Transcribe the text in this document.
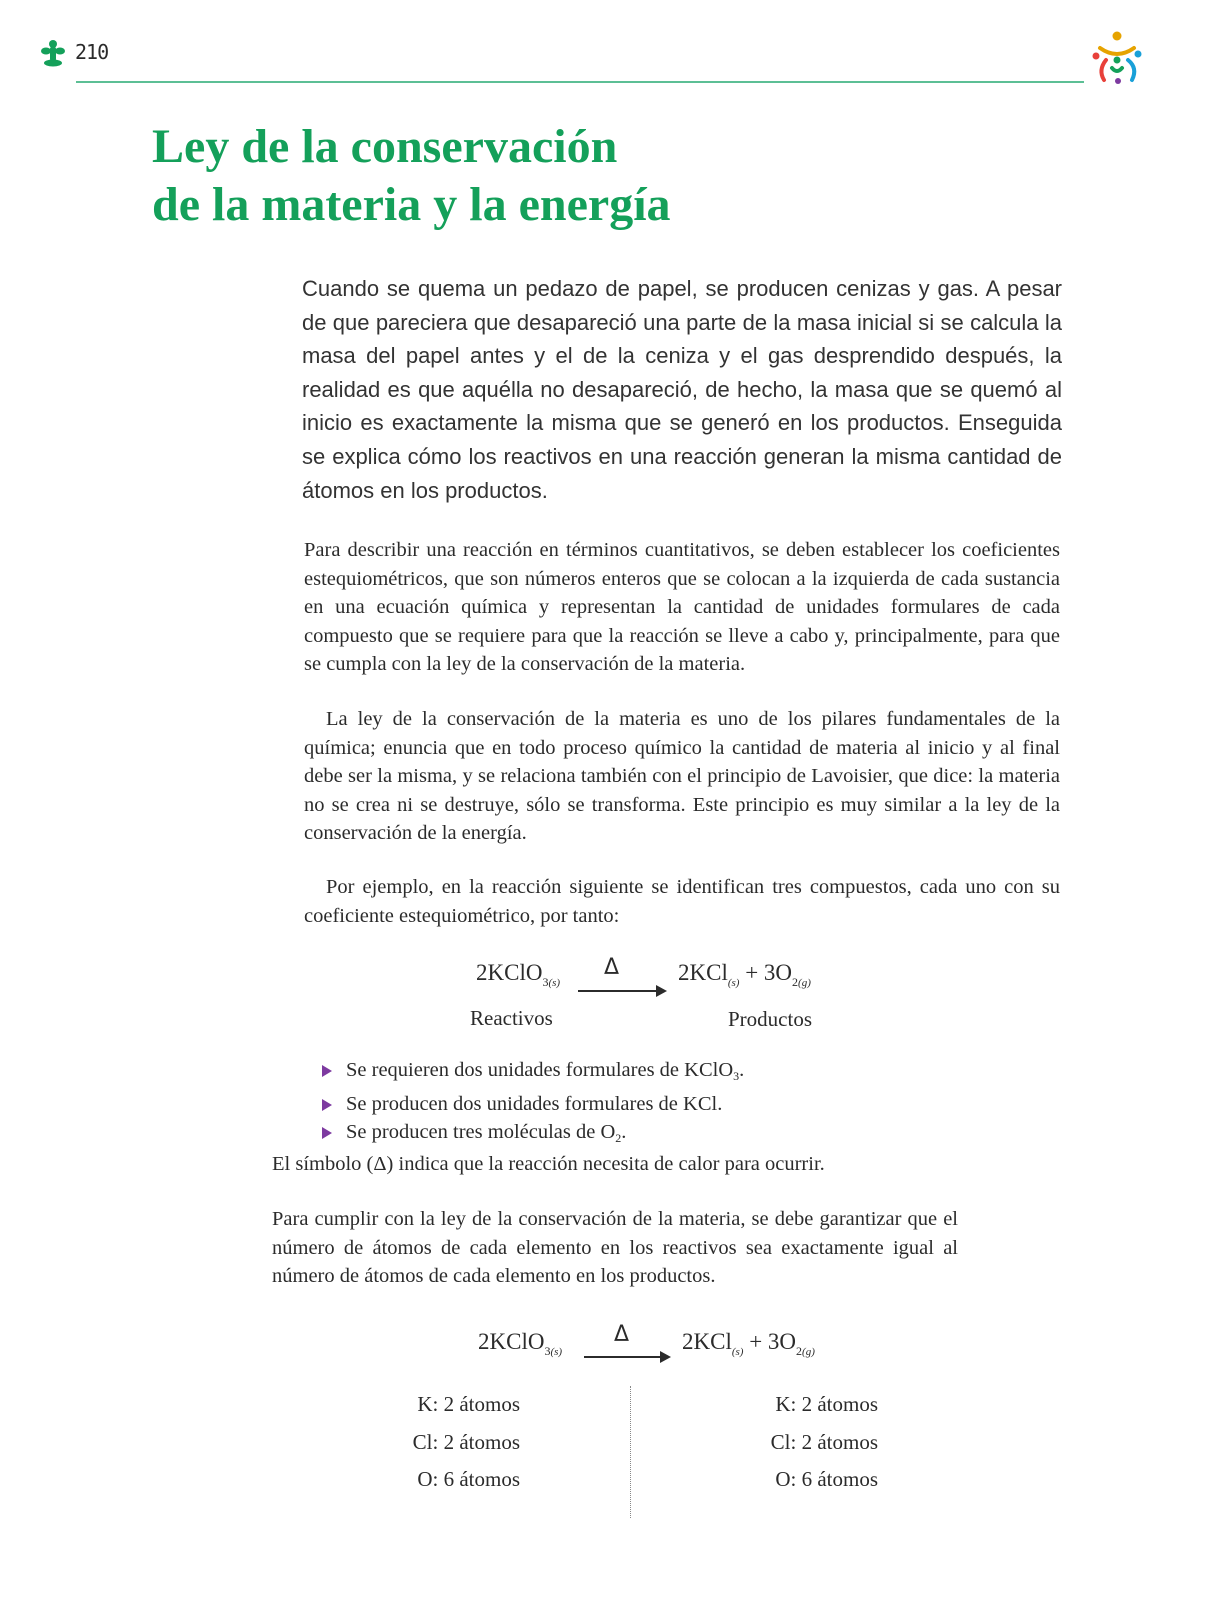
210
Ley de la conservación
de la materia y la energía

Cuando se quema un pedazo de papel, se producen cenizas y gas. A pesar de que pareciera que desapareció una parte de la masa inicial si se calcula la masa del papel antes y el de la ceniza y el gas desprendido después, la realidad es que aquélla no desapareció, de hecho, la masa que se quemó al inicio es exactamente la misma que se generó en los productos. Enseguida se explica cómo los reactivos en una reacción generan la misma cantidad de átomos en los productos.

Para describir una reacción en términos cuantitativos, se deben establecer los coeficientes estequiométricos, que son números enteros que se colocan a la izquierda de cada sustancia en una ecuación química y representan la cantidad de unidades formulares de cada compuesto que se requiere para que la reacción se lleve a cabo y, principalmente, para que se cumpla con la ley de la conservación de la materia.

La ley de la conservación de la materia es uno de los pilares fundamentales de la química; enuncia que en todo proceso químico la cantidad de materia al inicio y al final debe ser la misma, y se relaciona también con el principio de Lavoisier, que dice: la materia no se crea ni se destruye, sólo se transforma. Este principio es muy similar a la ley de la conservación de la energía.

Por ejemplo, en la reacción siguiente se identifican tres compuestos, cada uno con su coeficiente estequiométrico, por tanto:

2KClO$_{3(s)}$
Δ	$2KCl_{(s)} + 3O_{2(g)}$
Reactivos	Productos
Se requieren dos unidades formulares de KClO$_3$.
Se producen dos unidades formulares de KCl.
Se producen tres moléculas de $O_2$.

El símbolo (Δ) indica que la reacción necesita de calor para ocurrir.

Para cumplir con la ley de la conservación de la materia, se debe garantizar que el número de átomos de cada elemento en los reactivos sea exactamente igual al número de átomos de cada elemento en los productos.

2KClO$_{3(s)}$
Δ $2KCl_{(s)} + 3O_{2(g)}$
K: 2 átomos
Cl: 2 átomos
O: 6 átomos
K: 2 átomos
Cl: 2 átomos
O: 6 átomos
